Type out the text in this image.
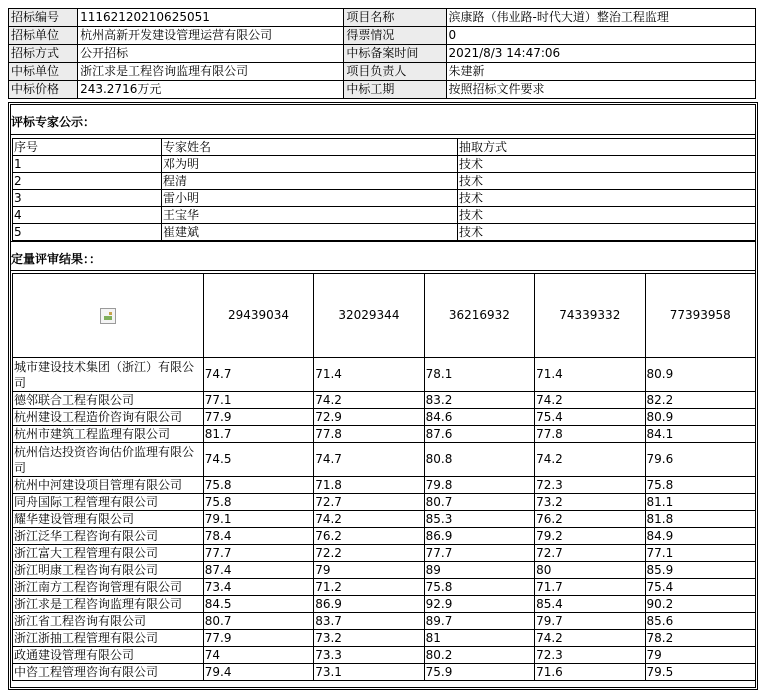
招标编号	11162120210625051	项目名称	滨康路（伟业路-时代大道）整治工程监理
招标单位	杭州高新开发建设管理运营有限公司	得票情况	0
招标方式	公开招标	中标备案时间	2021/8/3 14:47:06
中标单位	浙江求是工程咨询监理有限公司	项目负责人	朱建新
中标价格	243.2716万元	中标工期	按照招标文件要求
评标专家公示：
序号	专家姓名	抽取方式
1	邓为明	技术
2	程清	技术
3	雷小明	技术
4	王宝华	技术
5	崔建斌	技术
定量评审结果：：
	29439034	32029344	36216932	74339332	77393958
城市建设技术集团（浙江）有限公司	74.7	71.4	78.1	71.4	80.9
德邻联合工程有限公司	77.1	74.2	83.2	74.2	82.2
杭州建设工程造价咨询有限公司	77.9	72.9	84.6	75.4	80.9
杭州市建筑工程监理有限公司	81.7	77.8	87.6	77.8	84.1
杭州信达投资咨询估价监理有限公司	74.5	74.7	80.8	74.2	79.6
杭州中河建设项目管理有限公司	75.8	71.8	79.8	72.3	75.8
同舟国际工程管理有限公司	75.8	72.7	80.7	73.2	81.1
耀华建设管理有限公司	79.1	74.2	85.3	76.2	81.8
浙江泛华工程咨询有限公司	78.4	76.2	86.9	79.2	84.9
浙江富大工程管理有限公司	77.7	72.2	77.7	72.7	77.1
浙江明康工程咨询有限公司	87.4	79	89	80	85.9
浙江南方工程咨询管理有限公司	73.4	71.2	75.8	71.7	75.4
浙江求是工程咨询监理有限公司	84.5	86.9	92.9	85.4	90.2
浙江省工程咨询有限公司	80.7	83.7	89.7	79.7	85.6
浙江浙抽工程管理有限公司	77.9	73.2	81	74.2	78.2
政通建设管理有限公司	74	73.3	80.2	72.3	79
中咨工程管理咨询有限公司	79.4	73.1	75.9	71.6	79.5
